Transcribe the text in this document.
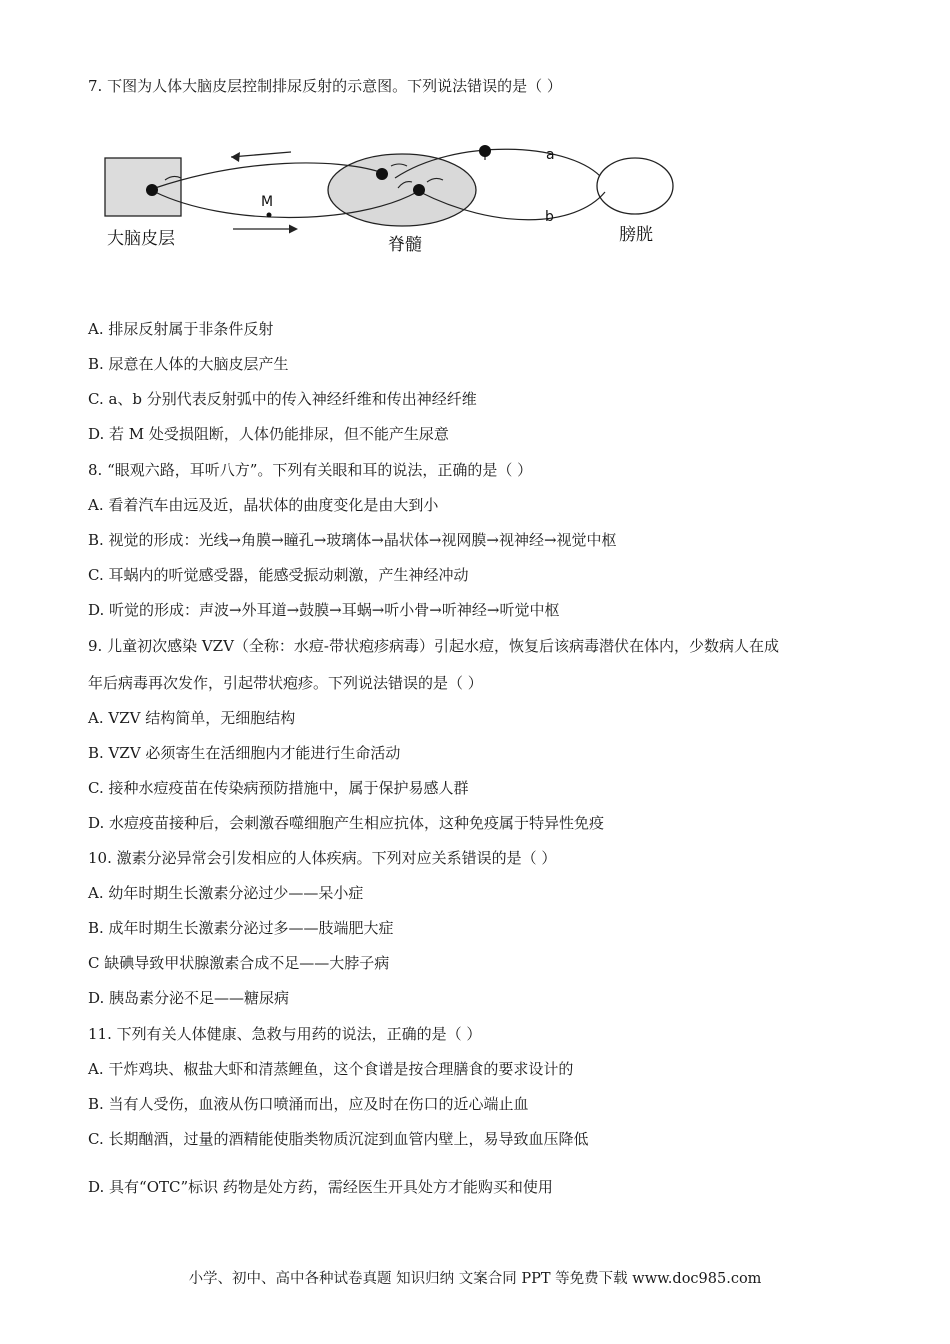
7. 下图为人体大脑皮层控制排尿反射的示意图。下列说法错误的是（ ）
M
a
b
大脑皮层	脊髓	膀胱
A. 排尿反射属于非条件反射
B. 尿意在人体的大脑皮层产生
C. a、b 分别代表反射弧中的传入神经纤维和传出神经纤维
D. 若 M 处受损阻断，人体仍能排尿，但不能产生尿意
8. “眼观六路，耳听八方”。下列有关眼和耳的说法，正确的是（ ）
A. 看着汽车由远及近，晶状体的曲度变化是由大到小
B. 视觉的形成：光线→角膜→瞳孔→玻璃体→晶状体→视网膜→视神经→视觉中枢
C. 耳蜗内的听觉感受器，能感受振动刺激，产生神经冲动
D. 听觉的形成：声波→外耳道→鼓膜→耳蜗→听小骨→听神经→听觉中枢
9. 儿童初次感染 VZV（全称：水痘-带状疱疹病毒）引起水痘，恢复后该病毒潜伏在体内，少数病人在成
年后病毒再次发作，引起带状疱疹。下列说法错误的是（ ）
A. VZV 结构简单，无细胞结构
B. VZV 必须寄生在活细胞内才能进行生命活动
C. 接种水痘疫苗在传染病预防措施中，属于保护易感人群
D. 水痘疫苗接种后，会刺激吞噬细胞产生相应抗体，这种免疫属于特异性免疫
10. 激素分泌异常会引发相应的人体疾病。下列对应关系错误的是（ ）
A. 幼年时期生长激素分泌过少——呆小症
B. 成年时期生长激素分泌过多——肢端肥大症
C 缺碘导致甲状腺激素合成不足——大脖子病
D. 胰岛素分泌不足——糖尿病
11. 下列有关人体健康、急救与用药的说法，正确的是（ ）
A. 干炸鸡块、椒盐大虾和清蒸鲤鱼，这个食谱是按合理膳食的要求设计的
B. 当有人受伤，血液从伤口喷涌而出，应及时在伤口的近心端止血
C. 长期酗酒，过量的酒精能使脂类物质沉淀到血管内壁上，易导致血压降低
D. 具有“OTC”标识 药物是处方药，需经医生开具处方才能购买和使用
小学、初中、高中各种试卷真题 知识归纳 文案合同 PPT 等免费下载 www.doc985.com
